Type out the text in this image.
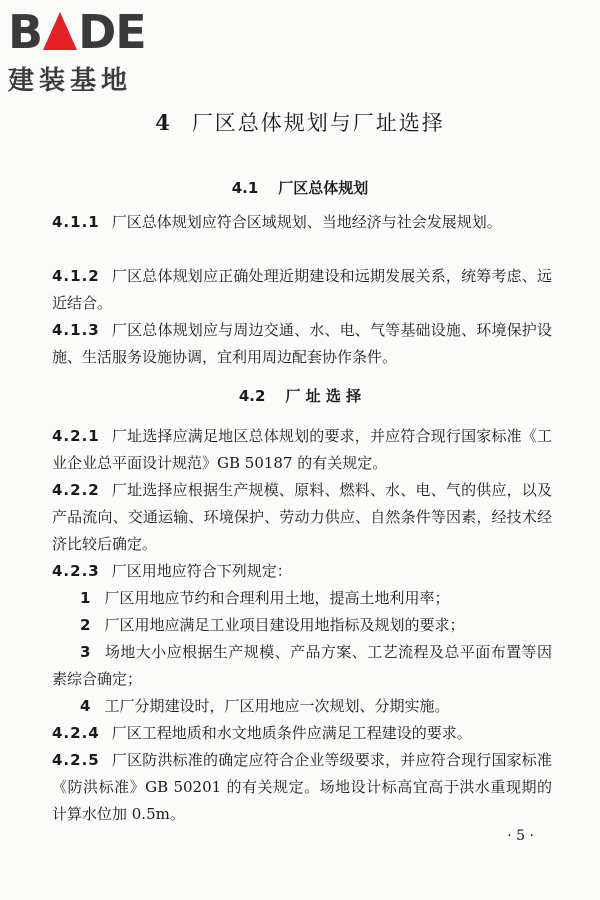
B DE
建装基地
4 厂区总体规划与厂址选择
4.1 厂区总体规划

4.1.1 厂区总体规划应符合区域规划、当地经济与社会发展规划。

4.1.2 厂区总体规划应正确处理近期建设和远期发展关系，统筹考虑、远近结合。

4.1.3 厂区总体规划应与周边交通、水、电、气等基础设施、环境保护设施、生活服务设施协调，宜利用周边配套协作条件。

4.2 厂 址 选 择

4.2.1 厂址选择应满足地区总体规划的要求，并应符合现行国家标准《工业企业总平面设计规范》GB 50187 的有关规定。

4.2.2 厂址选择应根据生产规模、原料、燃料、水、电、气的供应，以及产品流向、交通运输、环境保护、劳动力供应、自然条件等因素，经技术经济比较后确定。

4.2.3 厂区用地应符合下列规定：

1 厂区用地应节约和合理利用土地，提高土地利用率；

2 厂区用地应满足工业项目建设用地指标及规划的要求；

3 场地大小应根据生产规模、产品方案、工艺流程及总平面布置等因素综合确定；

4 工厂分期建设时，厂区用地应一次规划、分期实施。

4.2.4 厂区工程地质和水文地质条件应满足工程建设的要求。

4.2.5 厂区防洪标准的确定应符合企业等级要求，并应符合现行国家标准《防洪标准》GB 50201 的有关规定。场地设计标高宜高于洪水重现期的计算水位加 0.5m。

· 5 ·
